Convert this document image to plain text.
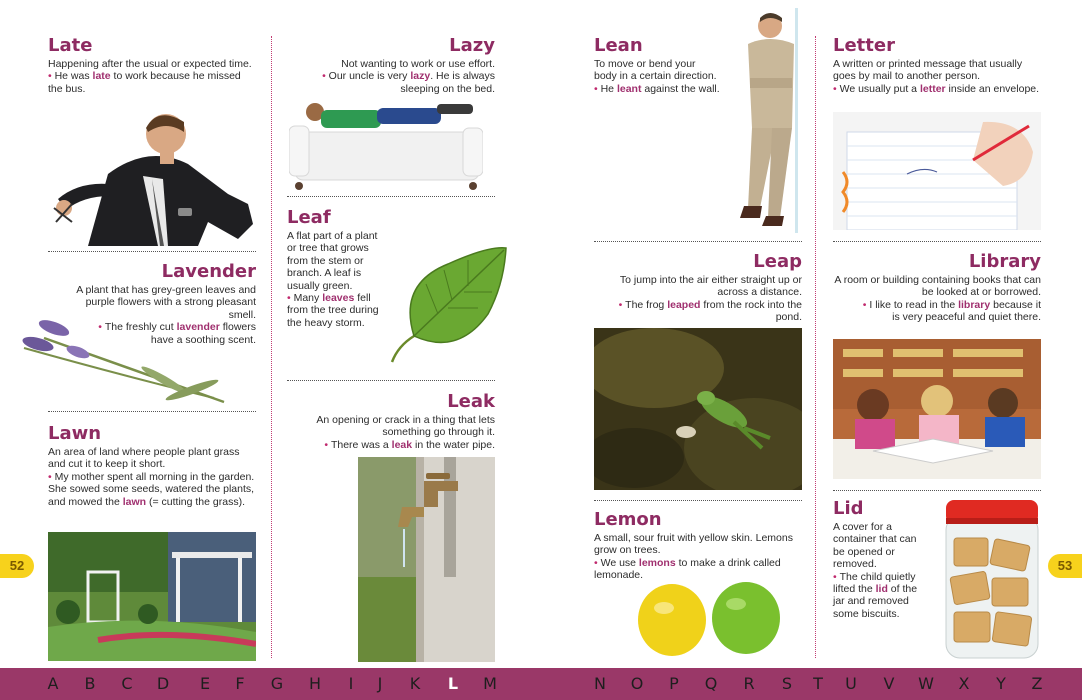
Late
Happening after the usual or expected time.
• He was late to work because he missed the bus.
Lavender
A plant that has grey-green leaves and purple flowers with a strong pleasant smell.
• The freshly cut lavender flowers have a soothing scent.
Lawn
An area of land where people plant grass and cut it to keep it short.
• My mother spent all morning in the garden. She sowed some seeds, watered the plants, and mowed the lawn (= cutting the grass).
Lazy
Not wanting to work or use effort.
• Our uncle is very lazy. He is always sleeping on the bed.
Leaf
A flat part of a plant or tree that grows from the stem or branch. A leaf is usually green.
• Many leaves fell from the tree during the heavy storm.
Leak
An opening or crack in a thing that lets something go through it.
• There was a leak in the water pipe.
Lean
To move or bend your body in a certain direction.
• He leant against the wall.
Leap
To jump into the air either straight up or across a distance.
• The frog leaped from the rock into the pond.
Lemon
A small, sour fruit with yellow skin. Lemons grow on trees.
• We use lemons to make a drink called lemonade.
Letter
A written or printed message that usually goes by mail to another person.
• We usually put a letter inside an envelope.
Library
A room or building containing books that can be looked at or borrowed.
• I like to read in the library because it is very peaceful and quiet there.
Lid
A cover for a container that can be opened or removed.
• The child quietly lifted the lid of the jar and removed some biscuits.
52	53
A	B	C	D	E	F	G	H	I	J	K	L	M	N	O	P	Q	R	S	T	U	V	W	X	Y	Z
